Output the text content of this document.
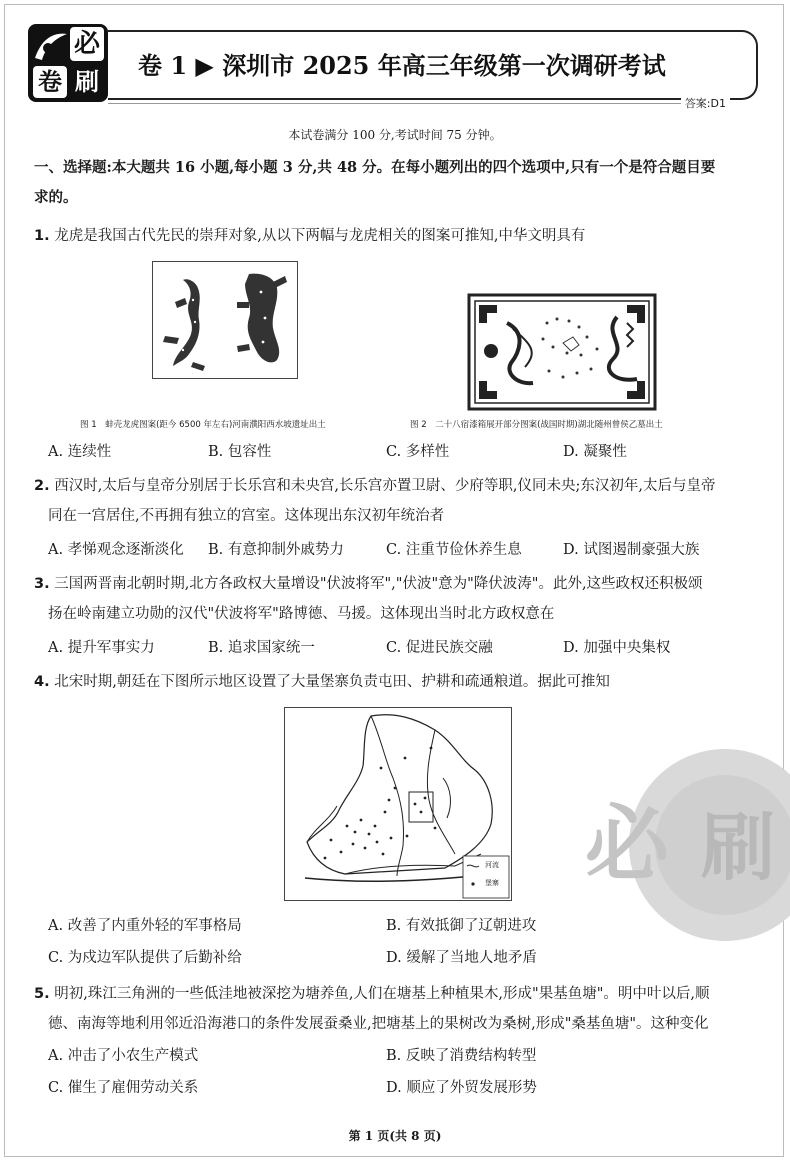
必
卷 刷
卷 1 ▶ 深圳市 2025 年高三年级第一次调研考试
答案:D1
本试卷满分 100 分,考试时间 75 分钟。
一、选择题:本大题共 16 小题,每小题 3 分,共 48 分。在每小题列出的四个选项中,只有一个是符合题目要
求的。
1. 龙虎是我国古代先民的崇拜对象,从以下两幅与龙虎相关的图案可推知,中华文明具有
图 1　蚌壳龙虎图案(距今 6500 年左右)河南濮阳西水坡遗址出土	图 2　二十八宿漆箱展开部分图案(战国时期)湖北随州曾侯乙墓出土
A. 连续性	B. 包容性	C. 多样性	D. 凝聚性
2. 西汉时,太后与皇帝分别居于长乐宫和未央宫,长乐宫亦置卫尉、少府等职,仪同未央;东汉初年,太后与皇帝
同在一宫居住,不再拥有独立的宫室。这体现出东汉初年统治者
A. 孝悌观念逐渐淡化 B. 有意抑制外戚势力	C. 注重节俭休养生息	D. 试图遏制豪强大族
3. 三国两晋南北朝时期,北方各政权大量增设"伏波将军","伏波"意为"降伏波涛"。此外,这些政权还积极颂
扬在岭南建立功勋的汉代"伏波将军"路博德、马援。这体现出当时北方政权意在
A. 提升军事实力	B. 追求国家统一	C. 促进民族交融	D. 加强中央集权
4. 北宋时期,朝廷在下图所示地区设置了大量堡寨负责屯田、护耕和疏通粮道。据此可推知
河流
堡寨
A. 改善了内重外轻的军事格局	B. 有效抵御了辽朝进攻
C. 为戍边军队提供了后勤补给	D. 缓解了当地人地矛盾
必 刷
5. 明初,珠江三角洲的一些低洼地被深挖为塘养鱼,人们在塘基上种植果木,形成"果基鱼塘"。明中叶以后,顺
德、南海等地利用邻近沿海港口的条件发展蚕桑业,把塘基上的果树改为桑树,形成"桑基鱼塘"。这种变化
A. 冲击了小农生产模式	B. 反映了消费结构转型
C. 催生了雇佣劳动关系	D. 顺应了外贸发展形势
第 1 页(共 8 页)
